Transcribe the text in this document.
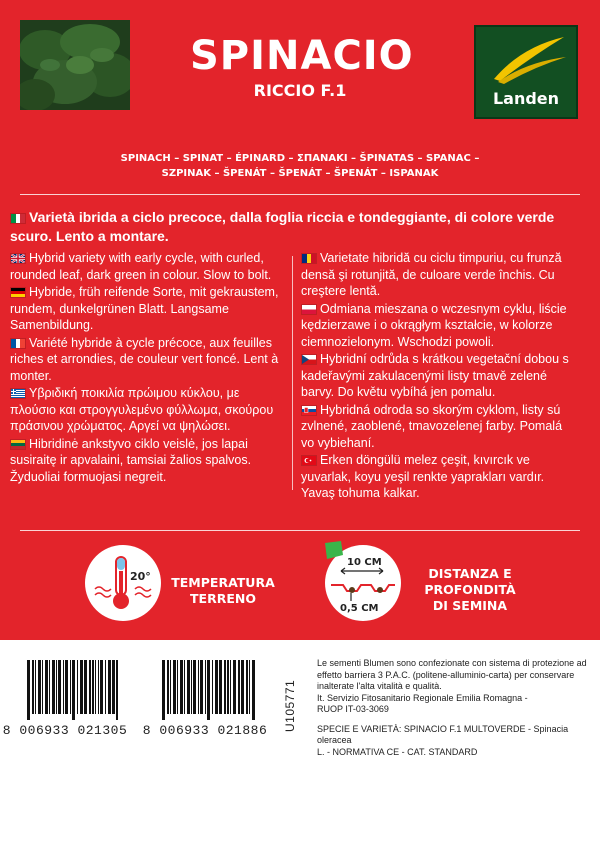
SPINACIO
RICCIO F.1	Landen
SPINACH – SPINAT – ÉPINARD – ΣΠΑΝΑΚΙ – ŠPINATAS – SPANAC –
SZPINAK – ŠPENÁT – ŠPENÁT – ŠPENÁT – ISPANAK
Varietà ibrida a ciclo precoce, dalla foglia riccia e tondeggiante, di colore verde scuro. Lento a montare.
Hybrid variety with early cycle, with curled, rounded leaf, dark green in colour. Slow to bolt.
Hybride, früh reifende Sorte, mit gekraustem, rundem, dunkelgrünen Blatt. Langsame Samenbildung.
Variété hybride à cycle précoce, aux feuilles riches et arrondies, de couleur vert foncé. Lent à monter.
Υβριδική ποικιλία πρώιμου κύκλου, με πλούσιο και στρογγυλεμένο φύλλωμα, σκούρου πράσινου χρώματος. Αργεί να ψηλώσει.
Hibridinė ankstyvo ciklo veislė, jos lapai susiraitę ir apvalaini, tamsiai žalios spalvos. Žyduoliai formuojasi negreit.
Varietate hibridă cu ciclu timpuriu, cu frunză densă şi rotunjită, de culoare verde închis. Cu creştere lentă.
Odmiana mieszana o wczesnym cyklu, liście kędzierzawe i o okrągłym kształcie, w kolorze ciemnozielonym. Wschodzi powoli.
Hybridní odrůda s krátkou vegetační dobou s kadeřavými zakulacenými listy tmavě zelené barvy. Do květu vybíhá jen pomalu.
Hybridná odroda so skorým cyklom, listy sú zvlnené, zaoblené, tmavozelenej farby. Pomalá vo vybiehaní.
Erken döngülü melez çeşit, kıvırcık ve yuvarlak, koyu yeşil renkte yaprakları vardır. Yavaş tohuma kalkar.
20° TEMPERATURA
TERRENO
10 CM
0,5 CM
DISTANZA E
PROFONDITÀ
DI SEMINA
8 006933 021305 8 006933 021886 U105771

Le sementi Blumen sono confezionate con sistema di protezione ad effetto barriera 3 P.A.C. (politene-alluminio-carta) per conservare inalterate l'alta vitalità e qualità.

It. Servizio Fitosanitario Regionale Emilia Romagna -

RUOP IT-03-3069

SPECIE E VARIETÀ: SPINACIO F.1 MULTOVERDE - Spinacia oleracea

L. - NORMATIVA CE - CAT. STANDARD
